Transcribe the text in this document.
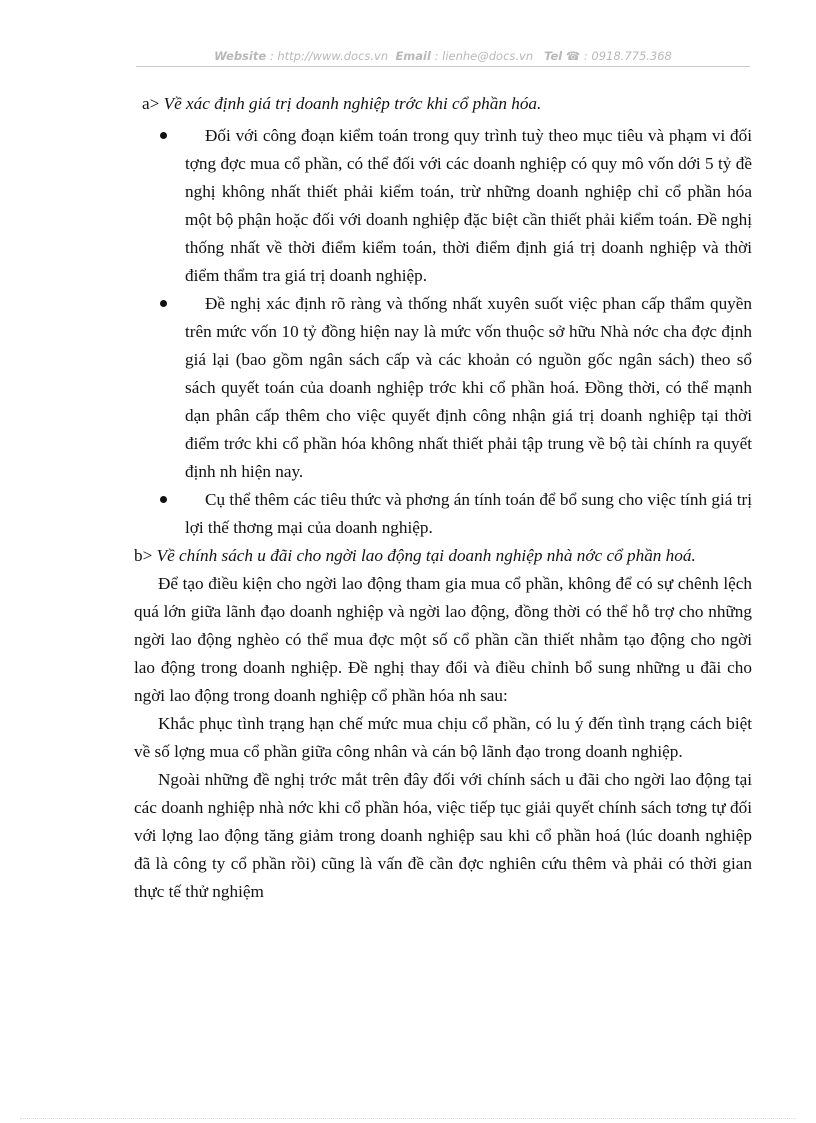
Website : http://www.docs.vn Email : lienhe@docs.vn Tel ☎ : 0918.775.368

a> Về xác định giá trị doanh nghiệp trớc khi cổ phần hóa.

Đối với công đoạn kiểm toán trong quy trình tuỳ theo mục tiêu và phạm vi đối tợng đợc mua cổ phần, có thể đối với các doanh nghiệp có quy mô vốn dới 5 tỷ đề nghị không nhất thiết phải kiểm toán, trừ những doanh nghiệp chỉ cổ phần hóa một bộ phận hoặc đối với doanh nghiệp đặc biệt cần thiết phải kiểm toán. Đề nghị thống nhất về thời điểm kiểm toán, thời điểm định giá trị doanh nghiệp và thời điểm thẩm tra giá trị doanh nghiệp.
Đề nghị xác định rõ ràng và thống nhất xuyên suốt việc phan cấp thẩm quyền trên mức vốn 10 tỷ đồng hiện nay là mức vốn thuộc sở hữu Nhà nớc cha đợc định giá lại (bao gồm ngân sách cấp và các khoản có nguồn gốc ngân sách) theo sổ sách quyết toán của doanh nghiệp trớc khi cổ phần hoá. Đồng thời, có thể mạnh dạn phân cấp thêm cho việc quyết định công nhận giá trị doanh nghiệp tại thời điểm trớc khi cổ phần hóa không nhất thiết phải tập trung về bộ tài chính ra quyết định nh hiện nay.
Cụ thể thêm các tiêu thức và phơng án tính toán để bổ sung cho việc tính giá trị lợi thế thơng mại của doanh nghiệp.

b> Về chính sách u đãi cho ngời lao động tại doanh nghiệp nhà nớc cổ phần hoá.

Để tạo điều kiện cho ngời lao động tham gia mua cổ phần, không để có sự chênh lệch quá lớn giữa lãnh đạo doanh nghiệp và ngời lao động, đồng thời có thể hỗ trợ cho những ngời lao động nghèo có thể mua đợc một số cổ phần cần thiết nhằm tạo động cho ngời lao động trong doanh nghiệp. Đề nghị thay đổi và điều chỉnh bổ sung những u đãi cho ngời lao động trong doanh nghiệp cổ phần hóa nh sau:

Khắc phục tình trạng hạn chế mức mua chịu cổ phần, có lu ý đến tình trạng cách biệt về số lợng mua cổ phần giữa công nhân và cán bộ lãnh đạo trong doanh nghiệp.

Ngoài những đề nghị trớc mắt trên đây đối với chính sách u đãi cho ngời lao động tại các doanh nghiệp nhà nớc khi cổ phần hóa, việc tiếp tục giải quyết chính sách tơng tự đối với lợng lao động tăng giảm trong doanh nghiệp sau khi cổ phần hoá (lúc doanh nghiệp đã là công ty cổ phần rồi) cũng là vấn đề cần đợc nghiên cứu thêm và phải có thời gian thực tế thử nghiệm
